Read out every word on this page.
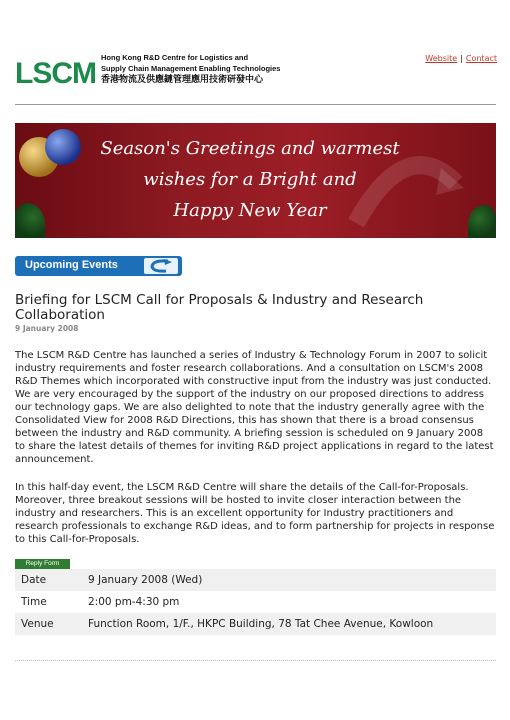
LSCM Hong Kong R&D Centre for Logistics and
Supply Chain Management Enabling Technologies
香港物流及供應鏈管理應用技術研發中心
Website | Contact
Season's Greetings and warmest
wishes for a Bright and
Happy New Year
Upcoming Events
Briefing for LSCM Call for Proposals & Industry and Research Collaboration
9 January 2008
The LSCM R&D Centre has launched a series of Industry & Technology Forum in 2007 to solicit industry requirements and foster research collaborations. And a consultation on LSCM's 2008 R&D Themes which incorporated with constructive input from the industry was just conducted. We are very encouraged by the support of the industry on our proposed directions to address our technology gaps. We are also delighted to note that the industry generally agree with the Consolidated View for 2008 R&D Directions, this has shown that there is a broad consensus between the industry and R&D community. A briefing session is scheduled on 9 January 2008 to share the latest details of themes for inviting R&D project applications in regard to the latest announcement.
In this half-day event, the LSCM R&D Centre will share the details of the Call-for-Proposals. Moreover, three breakout sessions will be hosted to invite closer interaction between the industry and researchers. This is an excellent opportunity for Industry practitioners and research professionals to exchange R&D ideas, and to form partnership for projects in response to this Call-for-Proposals.
Reply Form
Date	9 January 2008 (Wed)
Time	2:00 pm-4:30 pm
Venue	Function Room, 1/F., HKPC Building, 78 Tat Chee Avenue, Kowloon
